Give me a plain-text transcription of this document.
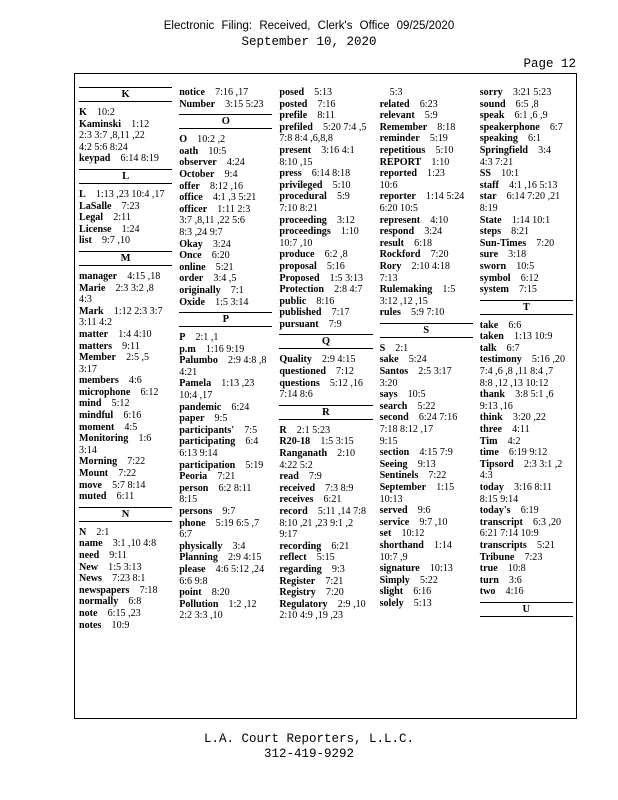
Electronic Filing: Received, Clerk's Office 09/25/2020
September 10, 2020
Page 12
K
K  10:2
Kaminski  1:12
2:3 3:7 ,8,11 ,22
4:2 5:6 8:24
keypad  6:14 8:19
L
L  1:13 ,23 10:4 ,17
LaSalle  7:23
Legal  2:11
License  1:24
list  9:7 ,10
M
manager  4:15 ,18
Marie  2:3 3:2 ,8
4:3
Mark  1:12 2:3 3:7
3:11 4:2
matter  1:4 4:10
matters  9:11
Member  2:5 ,5
3:17
members  4:6
microphone  6:12
mind  5:12
mindful  6:16
moment  4:5
Monitoring  1:6
3:14
Morning  7:22
Mount  7:22
move  5:7 8:14
muted  6:11
N
N  2:1
name  3:1 ,10 4:8
need  9:11
New  1:5 3:13
News  7:23 8:1
newspapers  7:18
normally  6:8
note  6:15 ,23
notes  10:9
notice  7:16 ,17
Number  3:15 5:23
O
O  10:2 ,2
oath  10:5
observer  4:24
October  9:4
offer  8:12 ,16
office  4:1 ,3 5:21
officer  1:11 2:3
3:7 ,8,11 ,22 5:6
8:3 ,24 9:7
Okay  3:24
Once  6:20
online  5:21
order  3:4 ,5
originally  7:1
Oxide  1:5 3:14
P
P  2:1 ,1
p.m  1:16 9:19
Palumbo  2:9 4:8 ,8
4:21
Pamela  1:13 ,23
10:4 ,17
pandemic  6:24
paper  9:5
participants'  7:5
participating  6:4
6:13 9:14
participation  5:19
Peoria  7:21
person  6:2 8:11
8:15
persons  9:7
phone  5:19 6:5 ,7
6:7
physically  3:4
Planning  2:9 4:15
please  4:6 5:12 ,24
6:6 9:8
point  8:20
Pollution  1:2 ,12
2:2 3:3 ,10
posed  5:13
posted  7:16
prefile  8:11
prefiled  5:20 7:4 ,5
7:8 8:4 ,6,8,8
present  3:16 4:1
8:10 ,15
press  6:14 8:18
privileged  5:10
procedural  5:9
7:10 8:21
proceeding  3:12
proceedings  1:10
10:7 ,10
produce  6:2 ,8
proposal  5:16
Proposed  1:5 3:13
Protection  2:8 4:7
public  8:16
published  7:17
pursuant  7:9
Q
Quality  2:9 4:15
questioned  7:12
questions  5:12 ,16
7:14 8:6
R
R  2:1 5:23
R20-18  1:5 3:15
Ranganath  2:10
4:22 5:2
read  7:9
received  7:3 8:9
receives  6:21
record  5:11 ,14 7:8
8:10 ,21 ,23 9:1 ,2
9:17
recording  6:21
reflect  5:15
regarding  9:3
Register  7:21
Registry  7:20
Regulatory  2:9 ,10
2:10 4:9 ,19 ,23
 5:3
related  6:23
relevant  5:9
Remember  8:18
reminder  5:19
repetitious  5:10
REPORT  1:10
reported  1:23
10:6
reporter  1:14 5:24
6:20 10:5
represent  4:10
respond  3:24
result  6:18
Rockford  7:20
Rory  2:10 4:18
7:13
Rulemaking  1:5
3:12 ,12 ,15
rules  5:9 7:10
S
S  2:1
sake  5:24
Santos  2:5 3:17
3:20
says  10:5
search  5:22
second  6:24 7:16
7:18 8:12 ,17
9:15
section  4:15 7:9
Seeing  9:13
Sentinels  7:22
September  1:15
10:13
served  9:6
service  9:7 ,10
set  10:12
shorthand  1:14
10:7 ,9
signature  10:13
Simply  5:22
slight  6:16
solely  5:13
sorry  3:21 5:23
sound  6:5 ,8
speak  6:1 ,6 ,9
speakerphone  6:7
speaking  6:1
Springfield  3:4
4:3 7:21
SS  10:1
staff  4:1 ,16 5:13
star  6:14 7:20 ,21
8:19
State  1:14 10:1
steps  8:21
Sun-Times  7:20
sure  3:18
sworn  10:5
symbol  6:12
system  7:15
T
take  6:6
taken  1:13 10:9
talk  6:7
testimony  5:16 ,20
7:4 ,6 ,8 ,11 8:4 ,7
8:8 ,12 ,13 10:12
thank  3:8 5:1 ,6
9:13 ,16
think  3:20 ,22
three  4:11
Tim  4:2
time  6:19 9:12
Tipsord  2:3 3:1 ,2
4:3
today  3:16 8:11
8:15 9:14
today's  6:19
transcript  6:3 ,20
6:21 7:14 10:9
transcripts  5:21
Tribune  7:23
true  10:8
turn  3:6
two  4:16
U
L.A. Court Reporters, L.L.C.
312-419-9292
